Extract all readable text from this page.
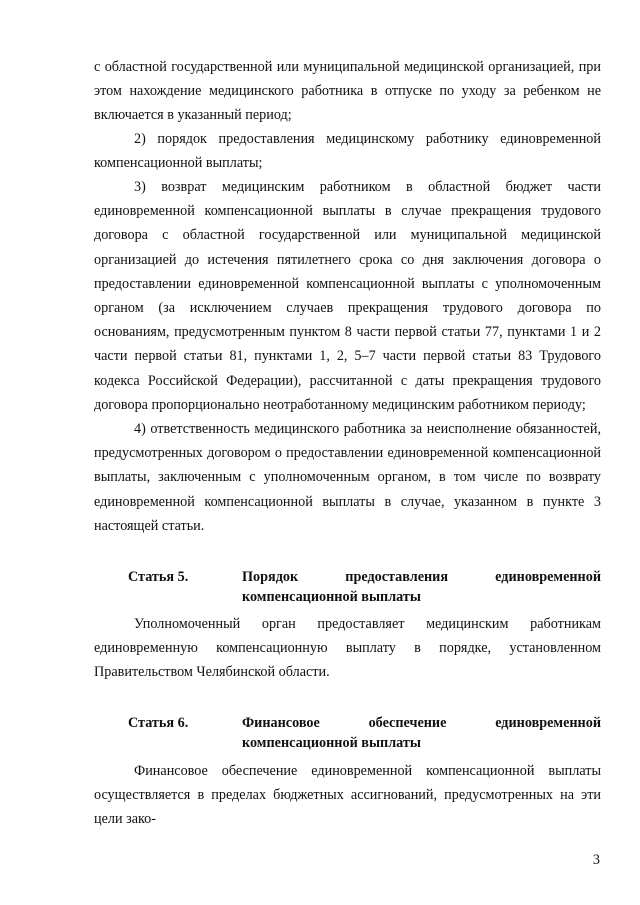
с областной государственной или муниципальной медицинской организацией, при этом нахождение медицинского работника в отпуске по уходу за ребенком не включается в указанный период;

2) порядок предоставления медицинскому работнику единовременной компенсационной выплаты;

3) возврат медицинским работником в областной бюджет части единовременной компенсационной выплаты в случае прекращения трудового договора с областной государственной или муниципальной медицинской организацией до истечения пятилетнего срока со дня заключения договора о предоставлении единовременной компенсационной выплаты с уполномоченным органом (за исключением случаев прекращения трудового договора по основаниям, предусмотренным пунктом 8 части первой статьи 77, пунктами 1 и 2 части первой статьи 81, пунктами 1, 2, 5–7 части первой статьи 83 Трудового кодекса Российской Федерации), рассчитанной с даты прекращения трудового договора пропорционально неотработанному медицинским работником периоду;

4) ответственность медицинского работника за неисполнение обязанностей, предусмотренных договором о предоставлении единовременной компенсационной выплаты, заключенным с уполномоченным органом, в том числе по возврату единовременной компенсационной выплаты в случае, указанном в пункте 3 настоящей статьи.

Статья 5.	Порядок предоставления единовременной компенсационной выплаты

Уполномоченный орган предоставляет медицинским работникам единовременную компенсационную выплату в порядке, установленном Правительством Челябинской области.

Статья 6.	Финансовое обеспечение единовременной компенсационной выплаты

Финансовое обеспечение единовременной компенсационной выплаты осуществляется в пределах бюджетных ассигнований, предусмотренных на эти цели зако-

3
